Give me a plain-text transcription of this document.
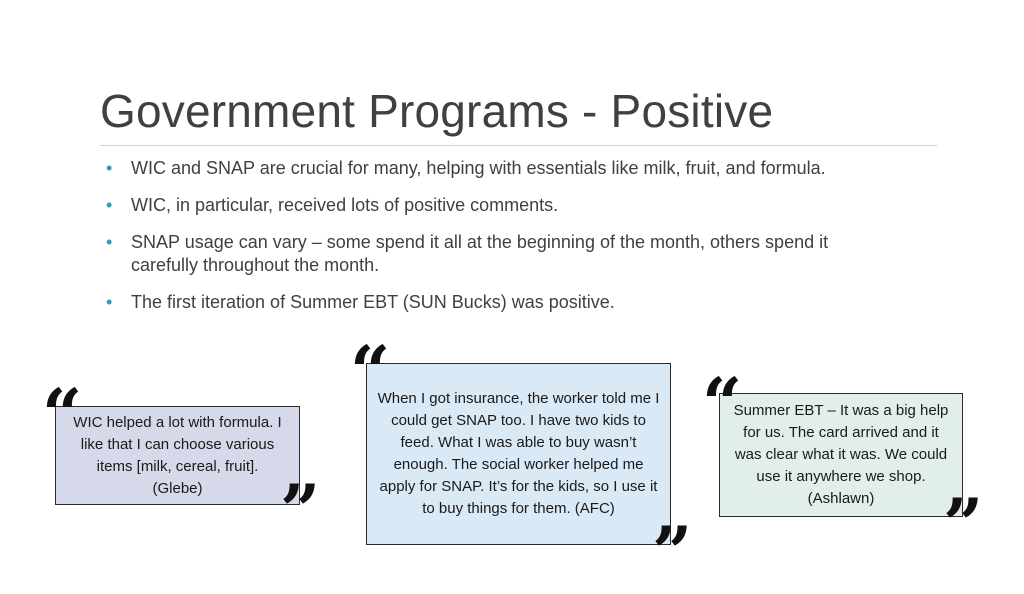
Government Programs - Positive
• WIC and SNAP are crucial for many, helping with essentials like milk, fruit, and formula.
• WIC, in particular, received lots of positive comments.
• SNAP usage can vary – some spend it all at the beginning of the month, others spend it carefully throughout the month.
• The first iteration of Summer EBT (SUN Bucks) was positive.

WIC helped a lot with formula. I like that I can choose various items [milk, cereal, fruit]. (Glebe)

“
”

When I got insurance, the worker told me I could get SNAP too. I have two kids to feed. What I was able to buy wasn’t enough. The social worker helped me apply for SNAP. It’s for the kids, so I use it to buy things for them. (AFC)

“
”

Summer EBT – It was a big help for us. The card arrived and it was clear what it was. We could use it anywhere we shop. (Ashlawn)

“
”
